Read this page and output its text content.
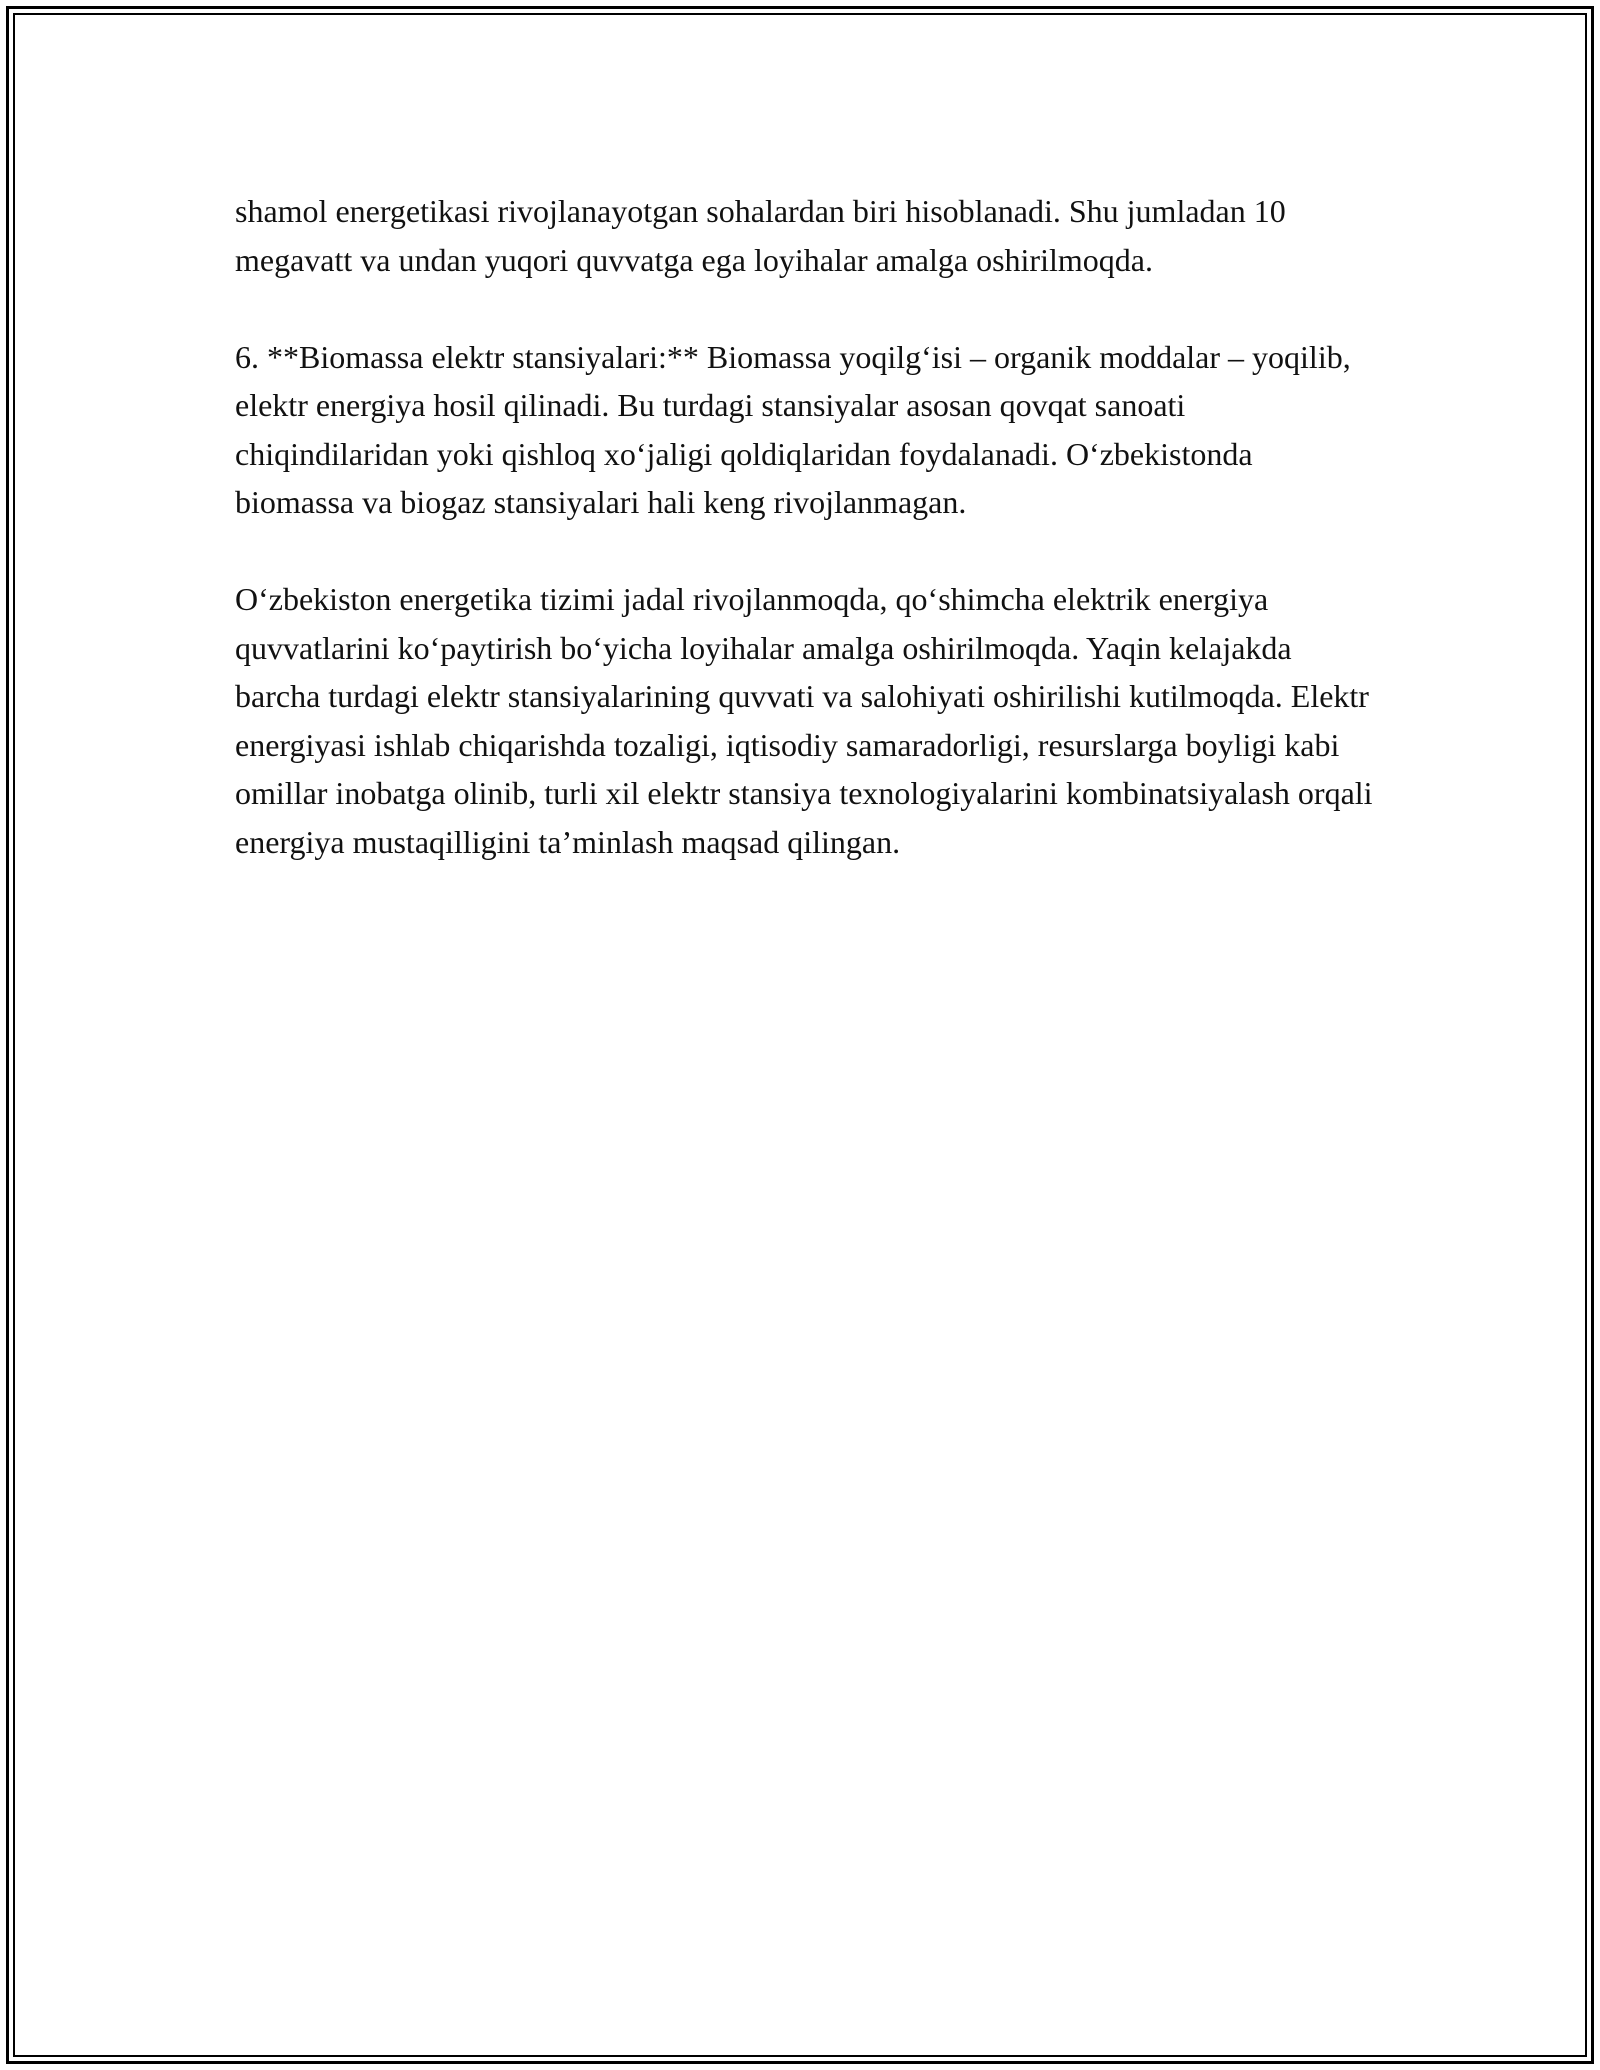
shamol energetikasi rivojlanayotgan sohalardan biri hisoblanadi. Shu jumladan 10 megavatt va undan yuqori quvvatga ega loyihalar amalga oshirilmoqda.

6. **Biomassa elektr stansiyalari:** Biomassa yoqilg‘isi – organik moddalar – yoqilib, elektr energiya hosil qilinadi. Bu turdagi stansiyalar asosan qovqat sanoati chiqindilaridan yoki qishloq xo‘jaligi qoldiqlaridan foydalanadi. O‘zbekistonda biomassa va biogaz stansiyalari hali keng rivojlanmagan.

O‘zbekiston energetika tizimi jadal rivojlanmoqda, qo‘shimcha elektrik energiya quvvatlarini ko‘paytirish bo‘yicha loyihalar amalga oshirilmoqda. Yaqin kelajakda barcha turdagi elektr stansiyalarining quvvati va salohiyati oshirilishi kutilmoqda. Elektr energiyasi ishlab chiqarishda tozaligi, iqtisodiy samaradorligi, resurslarga boyligi kabi omillar inobatga olinib, turli xil elektr stansiya texnologiyalarini kombinatsiyalash orqali energiya mustaqilligini ta’minlash maqsad qilingan.
